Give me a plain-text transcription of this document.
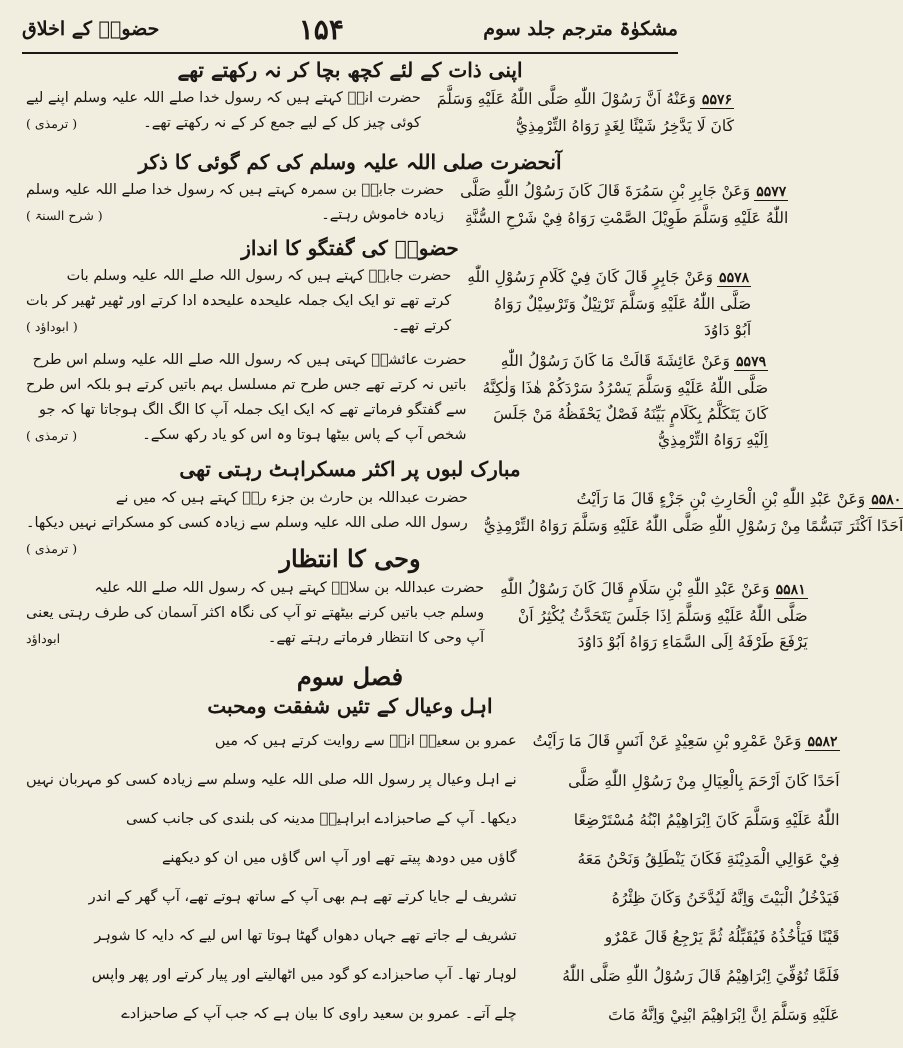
حضورؐ کے اخلاق	۱۵۴	مشکوٰۃ مترجم جلد سوم
اپنی ذات کے لئے کچھ بچا کر نہ رکھتے تھے
حضرت انسؓ کہتے ہیں کہ رسول خدا صلے اللہ علیہ وسلم اپنے لیے
کوئی چیز کل کے لیے جمع کر کے نہ رکھتے تھے۔
( ترمذی )
۵۵۷۶وَعَنْهُ اَنَّ رَسُوْلَ اللّٰهِ صَلَّى اللّٰهُ عَلَيْهِ وَسَلَّمَ
كَانَ لَا يَدَّخِرُ شَيْئًا لِغَدٍ رَوَاهُ التِّرْمِذِيُّ
آنحضرت صلی اللہ علیہ وسلم کی کم گوئی کا ذکر
حضرت جابرؓ بن سمرہ کہتے ہیں کہ رسول خدا صلے اللہ علیہ وسلم
زیادہ خاموش رہتے۔
( شرح السنۃ )
۵۵۷۷وَعَنْ جَابِرِ بْنِ سَمُرَةَ قَالَ كَانَ رَسُوْلُ اللّٰهِ صَلَّى
اللّٰهُ عَلَيْهِ وَسَلَّمَ طَوِيْلَ الصَّمْتِ رَوَاهُ فِيْ شَرْحِ السُّنَّةِ
حضورؐ کی گفتگو کا انداز
حضرت جابرؓ کہتے ہیں کہ رسول اللہ صلے اللہ علیہ وسلم بات
کرتے تھے تو ایک ایک جملہ علیحدہ علیحدہ ادا کرتے اور ٹھیر ٹھیر کر بات
کرتے تھے۔
( ابوداؤد )
۵۵۷۸وَعَنْ جَابِرٍ قَالَ كَانَ فِيْ كَلَامِ رَسُوْلِ اللّٰهِ
صَلَّى اللّٰهُ عَلَيْهِ وَسَلَّمَ تَرْتِيْلٌ وَتَرْسِيْلٌ رَوَاهُ
اَبُوْ دَاوُدَ
حضرت عائشہؓ کہتی ہیں کہ رسول اللہ صلے اللہ علیہ وسلم اس طرح
باتیں نہ کرتے تھے جس طرح تم مسلسل بہم باتیں کرتے ہو بلکہ اس طرح
سے گفتگو فرماتے تھے کہ ایک ایک جملہ آپ کا الگ الگ ہوجاتا تھا کہ جو
شخص آپ کے پاس بیٹھا ہوتا وہ اس کو یاد رکھ سکے۔
( ترمذی )
۵۵۷۹وَعَنْ عَائِشَةَ قَالَتْ مَا كَانَ رَسُوْلُ اللّٰهِ
صَلَّى اللّٰهُ عَلَيْهِ وَسَلَّمَ يَسْرُدُ سَرْدَكُمْ هٰذَا وَلٰكِنَّهُ
كَانَ يَتَكَلَّمُ بِكَلَامٍ بَيِّنَهُ فَصْلٌ يَحْفَظُهُ مَنْ جَلَسَ
اِلَيْهِ رَوَاهُ التِّرْمِذِيُّ
مبارک لبوں پر اکثر مسکراہٹ رہتی تھی
حضرت عبداللہ بن حارث بن جزء رضؓ کہتے ہیں کہ میں نے
رسول اللہ صلی اللہ علیہ وسلم سے زیادہ کسی کو مسکراتے نہیں دیکھا۔
( ترمذی )
۵۵۸۰وَعَنْ عَبْدِ اللّٰهِ بْنِ الْحَارِثِ بْنِ جَزْءٍ قَالَ مَا رَاَيْتُ
اَحَدًا اَكْثَرَ تَبَسُّمًا مِنْ رَسُوْلِ اللّٰهِ صَلَّى اللّٰهُ عَلَيْهِ وَسَلَّمَ رَوَاهُ التِّرْمِذِيُّ
وحی کا انتظار
حضرت عبداللہ بن سلامؓ کہتے ہیں کہ رسول اللہ صلے اللہ علیہ
وسلم جب باتیں کرنے بیٹھتے تو آپ کی نگاہ اکثر آسمان کی طرف رہتی یعنی
آپ وحی کا انتظار فرماتے رہتے تھے۔
ابوداؤد
۵۵۸۱وَعَنْ عَبْدِ اللّٰهِ بْنِ سَلَامٍ قَالَ كَانَ رَسُوْلُ اللّٰهِ
صَلَّى اللّٰهُ عَلَيْهِ وَسَلَّمَ اِذَا جَلَسَ يَتَحَدَّثُ يُكْثِرُ اَنْ
يَرْفَعَ طَرْفَهُ اِلَى السَّمَاءِ رَوَاهُ اَبُوْ دَاوُدَ
فصل سوم
اہل وعیال کے تئیں شفقت ومحبت
عمرو بن سعیدؓ انسؓ سے روایت کرتے ہیں کہ میں
نے اہل وعیال پر رسول اللہ صلی اللہ علیہ وسلم سے زیادہ کسی کو مہربان نہیں
دیکھا۔ آپ کے صاحبزادے ابراہیمؓ مدینہ کی بلندی کی جانب کسی
گاؤں میں دودھ پیتے تھے اور آپ اس گاؤں میں ان کو دیکھنے
تشریف لے جایا کرتے تھے ہم بھی آپ کے ساتھ ہوتے تھے، آپ گھر کے اندر
تشریف لے جاتے تھے جہاں دھواں گھٹا ہوتا تھا اس لیے کہ دایہ کا شوہر
لوہار تھا۔ آپ صاحبزادے کو گود میں اٹھالیتے اور پیار کرتے اور پھر واپس
چلے آتے۔ عمرو بن سعید راوی کا بیان ہے کہ جب آپ کے صاحبزادے
۵۵۸۲وَعَنْ عَمْرِو بْنِ سَعِيْدٍ عَنْ اَنَسٍ قَالَ مَا رَاَيْتُ
اَحَدًا كَانَ اَرْحَمَ بِالْعِيَالِ مِنْ رَسُوْلِ اللّٰهِ صَلَّى
اللّٰهُ عَلَيْهِ وَسَلَّمَ كَانَ اِبْرَاهِيْمُ ابْنُهُ مُسْتَرْضِعًا
فِيْ عَوَالِي الْمَدِيْنَةِ فَكَانَ يَنْطَلِقُ وَنَحْنُ مَعَهُ
فَيَدْخُلُ الْبَيْتَ وَاِنَّهُ لَيُدَّخَنُ وَكَانَ ظِئْرُهُ
قَيْنًا فَيَأْخُذُهُ فَيُقَبِّلُهُ ثُمَّ يَرْجِعُ قَالَ عَمْرٌو
فَلَمَّا تُوُفِّيَ اِبْرَاهِيْمُ قَالَ رَسُوْلُ اللّٰهِ صَلَّى اللّٰهُ
عَلَيْهِ وَسَلَّمَ اِنَّ اِبْرَاهِيْمَ ابْنِيْ وَاِنَّهُ مَاتَ
